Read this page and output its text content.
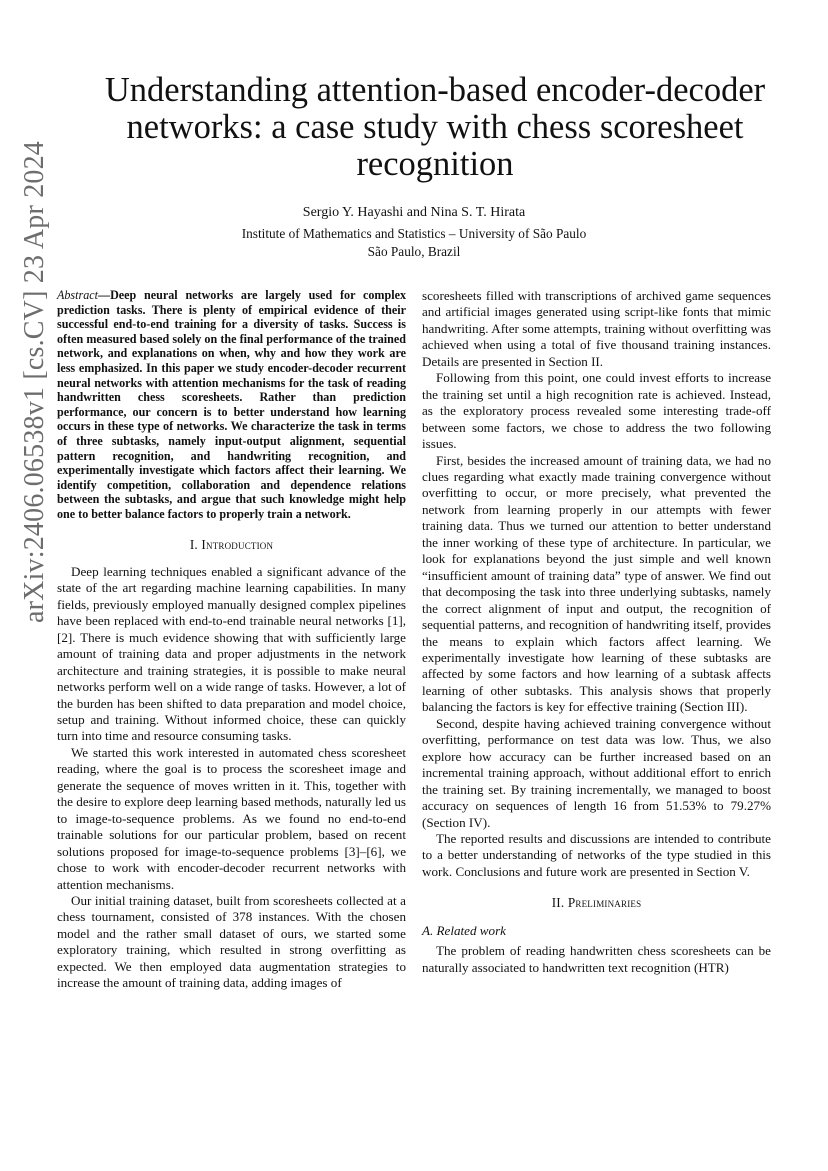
arXiv:2406.06538v1 [cs.CV] 23 Apr 2024
Understanding attention-based encoder-decoder networks: a case study with chess scoresheet recognition

Sergio Y. Hayashi and Nina S. T. Hirata

Institute of Mathematics and Statistics – University of São Paulo

São Paulo, Brazil

Abstract—Deep neural networks are largely used for complex prediction tasks. There is plenty of empirical evidence of their successful end-to-end training for a diversity of tasks. Success is often measured based solely on the final performance of the trained network, and explanations on when, why and how they work are less emphasized. In this paper we study encoder-decoder recurrent neural networks with attention mechanisms for the task of reading handwritten chess scoresheets. Rather than prediction performance, our concern is to better understand how learning occurs in these type of networks. We characterize the task in terms of three subtasks, namely input-output alignment, sequential pattern recognition, and handwriting recognition, and experimentally investigate which factors affect their learning. We identify competition, collaboration and dependence relations between the subtasks, and argue that such knowledge might help one to better balance factors to properly train a network.

I. Introduction

Deep learning techniques enabled a significant advance of the state of the art regarding machine learning capabilities. In many fields, previously employed manually designed complex pipelines have been replaced with end-to-end trainable neural networks [1], [2]. There is much evidence showing that with sufficiently large amount of training data and proper adjustments in the network architecture and training strategies, it is possible to make neural networks perform well on a wide range of tasks. However, a lot of the burden has been shifted to data preparation and model choice, setup and training. Without informed choice, these can quickly turn into time and resource consuming tasks.

We started this work interested in automated chess scoresheet reading, where the goal is to process the scoresheet image and generate the sequence of moves written in it. This, together with the desire to explore deep learning based methods, naturally led us to image-to-sequence problems. As we found no end-to-end trainable solutions for our particular problem, based on recent solutions proposed for image-to-sequence problems [3]–[6], we chose to work with encoder-decoder recurrent networks with attention mechanisms.

Our initial training dataset, built from scoresheets collected at a chess tournament, consisted of 378 instances. With the chosen model and the rather small dataset of ours, we started some exploratory training, which resulted in strong overfitting as expected. We then employed data augmentation strategies to increase the amount of training data, adding images of

scoresheets filled with transcriptions of archived game sequences and artificial images generated using script-like fonts that mimic handwriting. After some attempts, training without overfitting was achieved when using a total of five thousand training instances. Details are presented in Section II.

Following from this point, one could invest efforts to increase the training set until a high recognition rate is achieved. Instead, as the exploratory process revealed some interesting trade-off between some factors, we chose to address the two following issues.

First, besides the increased amount of training data, we had no clues regarding what exactly made training convergence without overfitting to occur, or more precisely, what prevented the network from learning properly in our attempts with fewer training data. Thus we turned our attention to better understand the inner working of these type of architecture. In particular, we look for explanations beyond the just simple and well known “insufficient amount of training data” type of answer. We find out that decomposing the task into three underlying subtasks, namely the correct alignment of input and output, the recognition of sequential patterns, and recognition of handwriting itself, provides the means to explain which factors affect learning. We experimentally investigate how learning of these subtasks are affected by some factors and how learning of a subtask affects learning of other subtasks. This analysis shows that properly balancing the factors is key for effective training (Section III).

Second, despite having achieved training convergence without overfitting, performance on test data was low. Thus, we also explore how accuracy can be further increased based on an incremental training approach, without additional effort to enrich the training set. By training incrementally, we managed to boost accuracy on sequences of length 16 from 51.53% to 79.27% (Section IV).

The reported results and discussions are intended to contribute to a better understanding of networks of the type studied in this work. Conclusions and future work are presented in Section V.

II. Preliminaries
A. Related work

The problem of reading handwritten chess scoresheets can be naturally associated to handwritten text recognition (HTR)
